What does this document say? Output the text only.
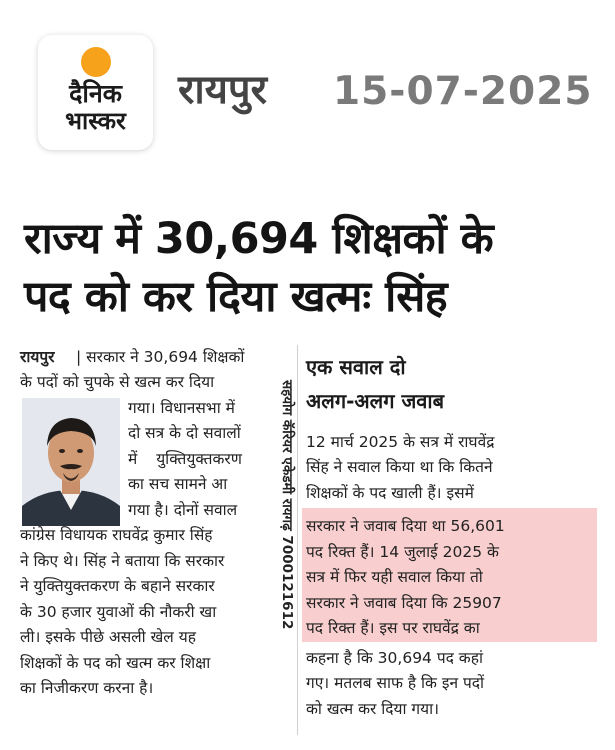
दैनिक
भास्कर
रायपुर 15-07-2025
राज्य में 30,694 शिक्षकों के
पद को कर दिया खत्मः सिंह
रायपुर | सरकार ने 30,694 शिक्षकों
के पदों को चुपके से खत्म कर दिया
गया। विधानसभा में
दो सत्र के दो सवालों
में युक्तियुक्तकरण
का सच सामने आ
गया है। दोनों सवाल
कांग्रेस विधायक राघवेंद्र कुमार सिंह
ने किए थे। सिंह ने बताया कि सरकार
ने युक्तियुक्तकरण के बहाने सरकार
के 30 हजार युवाओं की नौकरी खा
ली। इसके पीछे असली खेल यह
शिक्षकों के पद को खत्म कर शिक्षा
का निजीकरण करना है।
सहयोग कॅरियर एकेडमी रायगढ़ 7000121612
एक सवाल दो
अलग-अलग जवाब
12 मार्च 2025 के सत्र में राघवेंद्र
सिंह ने सवाल किया था कि कितने
शिक्षकों के पद खाली हैं। इसमें
सरकार ने जवाब दिया था 56,601
पद रिक्त हैं। 14 जुलाई 2025 के
सत्र में फिर यही सवाल किया तो
सरकार ने जवाब दिया कि 25907
पद रिक्त हैं। इस पर राघवेंद्र का
कहना है कि 30,694 पद कहां
गए। मतलब साफ है कि इन पदों
को खत्म कर दिया गया।
